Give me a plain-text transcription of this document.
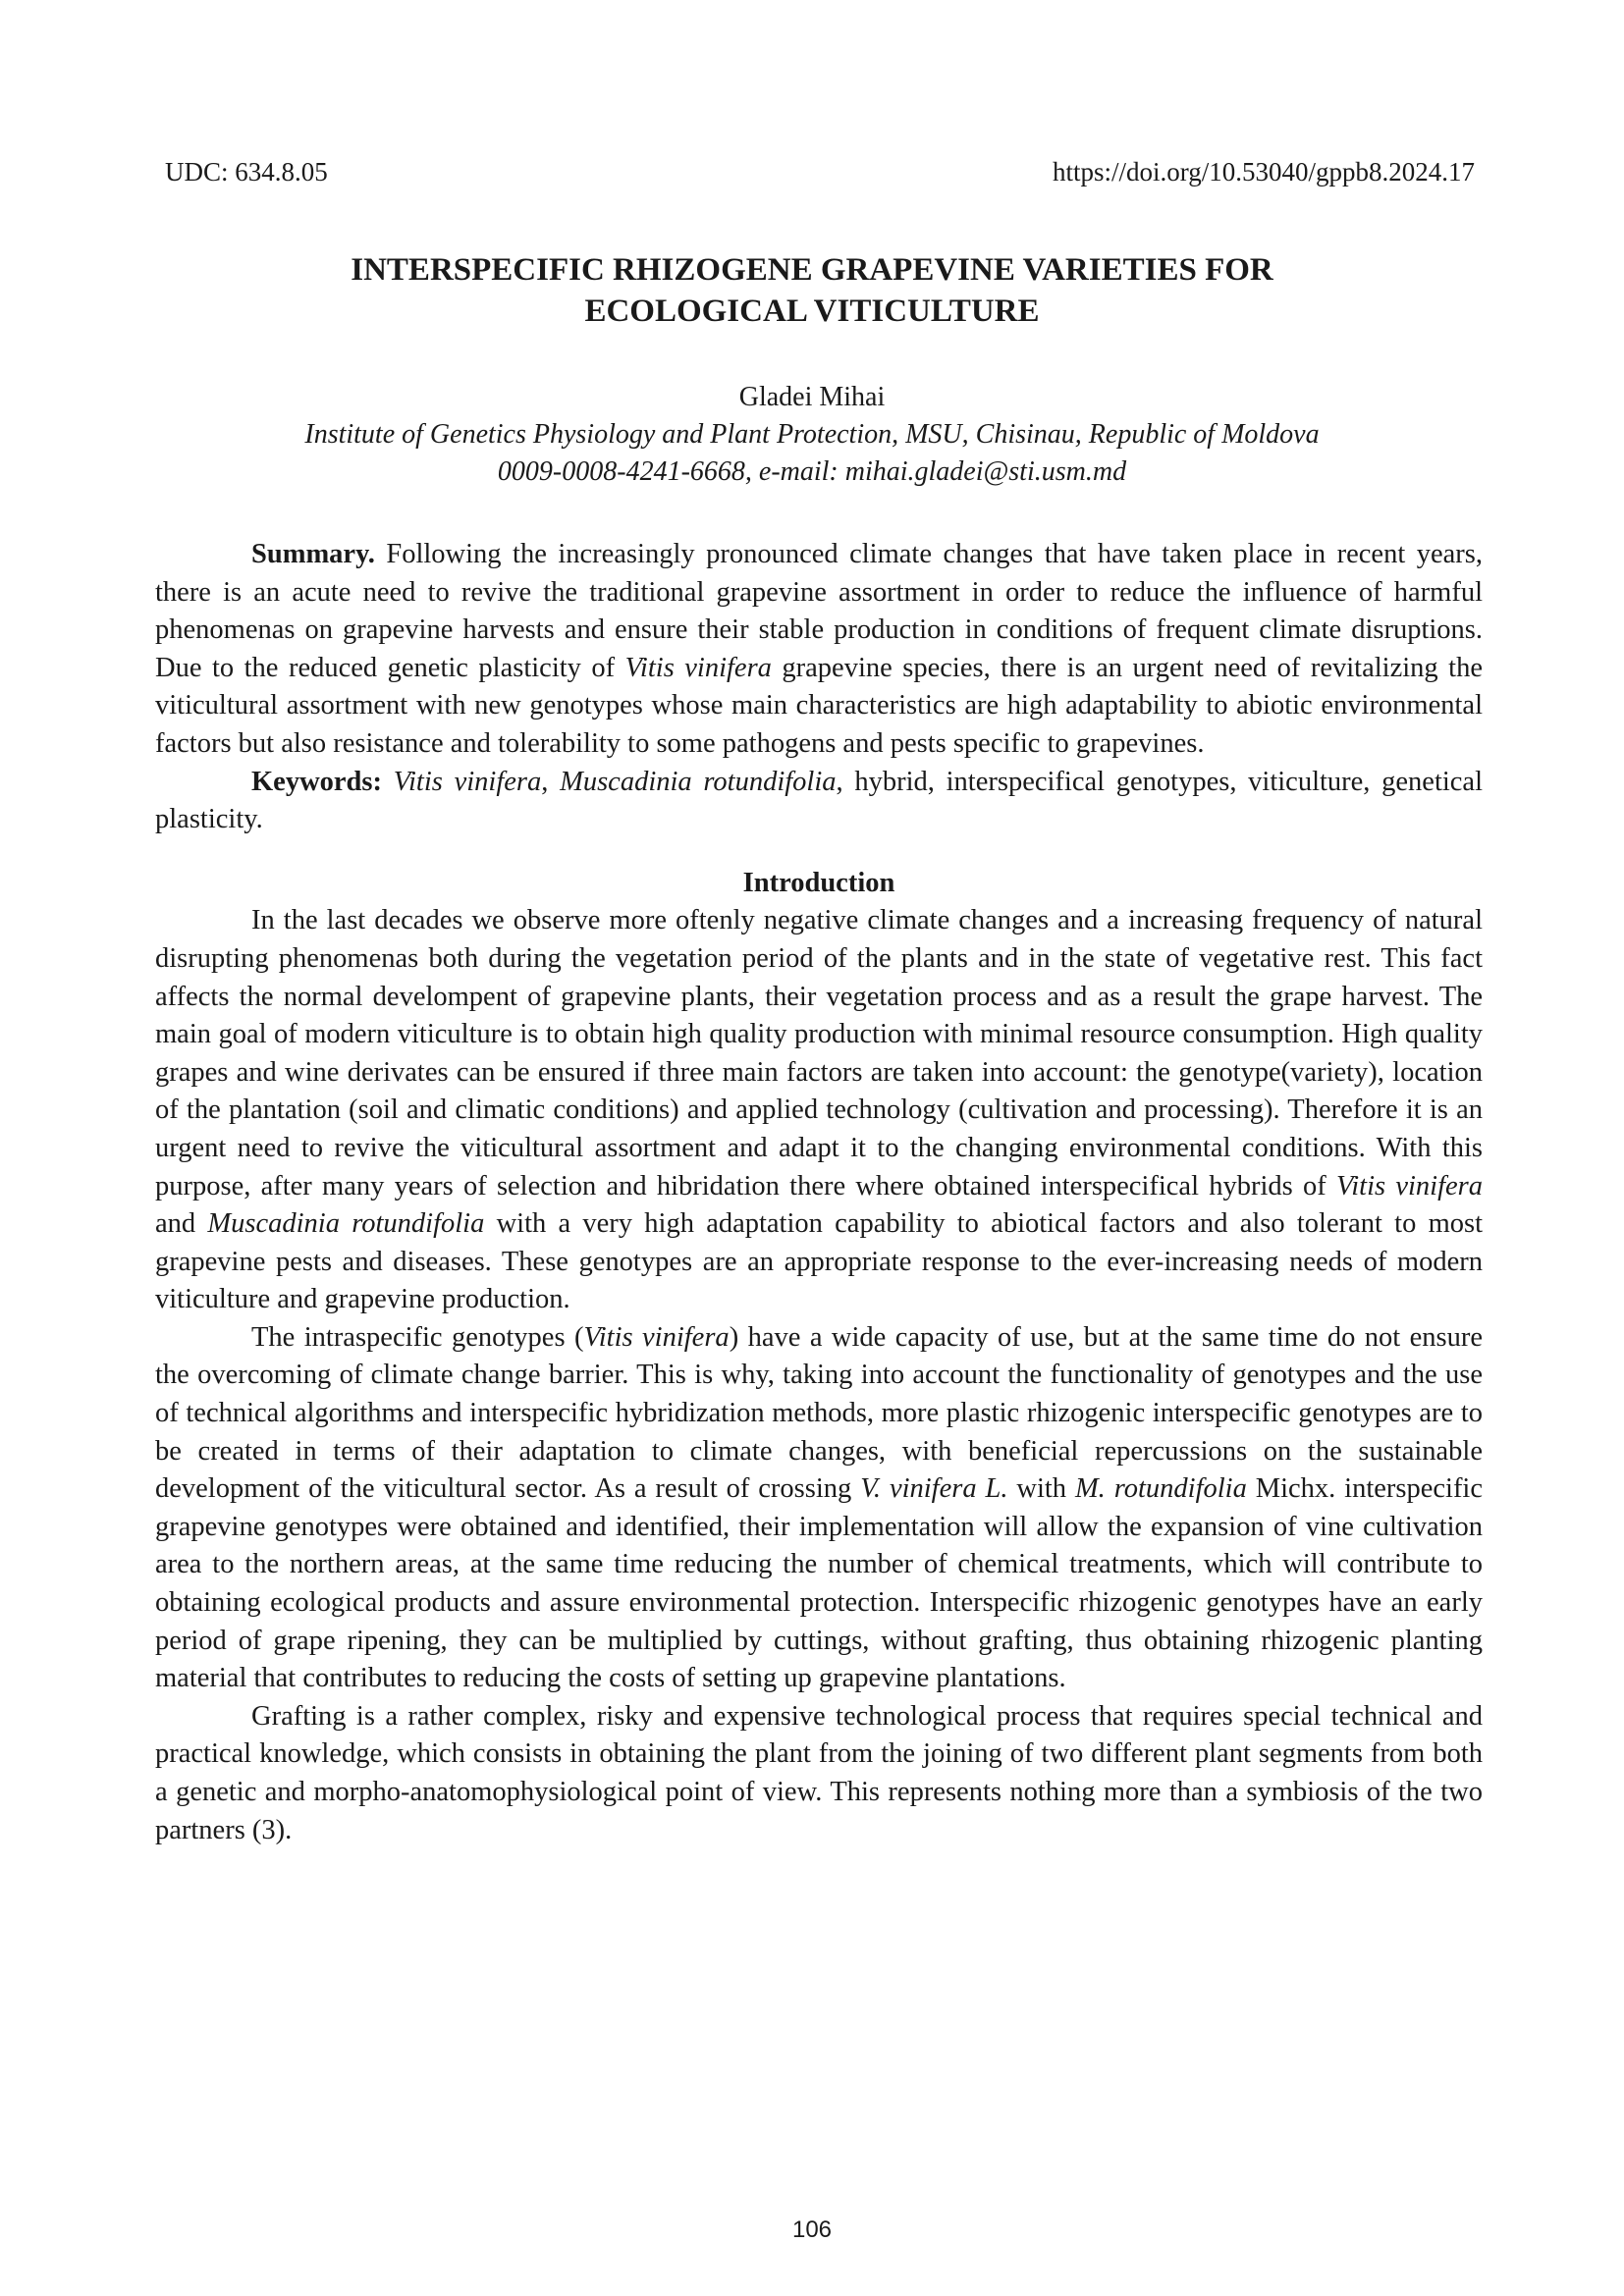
UDC: 634.8.05	https://doi.org/10.53040/gppb8.2024.17
INTERSPECIFIC RHIZOGENE GRAPEVINE VARIETIES FOR
ECOLOGICAL VITICULTURE
Gladei Mihai
Institute of Genetics Physiology and Plant Protection, MSU, Chisinau, Republic of Moldova
0009-0008-4241-6668, e-mail: mihai.gladei@sti.usm.md

Summary. Following the increasingly pronounced climate changes that have taken place in recent years, there is an acute need to revive the traditional grapevine assortment in order to reduce the influence of harmful phenomenas on grapevine harvests and ensure their stable production in conditions of frequent climate disruptions. Due to the reduced genetic plasticity of Vitis vinifera grapevine species, there is an urgent need of revitalizing the viticultural assortment with new genotypes whose main characteristics are high adaptability to abiotic environmental factors but also resistance and tolerability to some pathogens and pests specific to grapevines.

Keywords: Vitis vinifera, Muscadinia rotundifolia, hybrid, interspecifical genotypes, viticulture, genetical plasticity.

Introduction

In the last decades we observe more oftenly negative climate changes and a increasing frequency of natural disrupting phenomenas both during the vegetation period of the plants and in the state of vegetative rest. This fact affects the normal develompent of grapevine plants, their vegetation process and as a result the grape harvest. The main goal of modern viticulture is to obtain high quality production with minimal resource consumption. High quality grapes and wine derivates can be ensured if three main factors are taken into account: the genotype(variety), location of the plantation (soil and climatic conditions) and applied technology (cultivation and processing). Therefore it is an urgent need to revive the viticultural assortment and adapt it to the changing environmental conditions. With this purpose, after many years of selection and hibridation there where obtained interspecifical hybrids of Vitis vinifera and Muscadinia rotundifolia with a very high adaptation capability to abiotical factors and also tolerant to most grapevine pests and diseases. These genotypes are an appropriate response to the ever-increasing needs of modern viticulture and grapevine production.

The intraspecific genotypes (Vitis vinifera) have a wide capacity of use, but at the same time do not ensure the overcoming of climate change barrier. This is why, taking into account the functionality of genotypes and the use of technical algorithms and interspecific hybridization methods, more plastic rhizogenic interspecific genotypes are to be created in terms of their adaptation to climate changes, with beneficial repercussions on the sustainable development of the viticultural sector. As a result of crossing V. vinifera L. with M. rotundifolia Michx. interspecific grapevine genotypes were obtained and identified, their implementation will allow the expansion of vine cultivation area to the northern areas, at the same time reducing the number of chemical treatments, which will contribute to obtaining ecological products and assure environmental protection. Interspecific rhizogenic genotypes have an early period of grape ripening, they can be multiplied by cuttings, without grafting, thus obtaining rhizogenic planting material that contributes to reducing the costs of setting up grapevine plantations.

Grafting is a rather complex, risky and expensive technological process that requires special technical and practical knowledge, which consists in obtaining the plant from the joining of two different plant segments from both a genetic and morpho-anatomophysiological point of view. This represents nothing more than a symbiosis of the two partners (3).

106
